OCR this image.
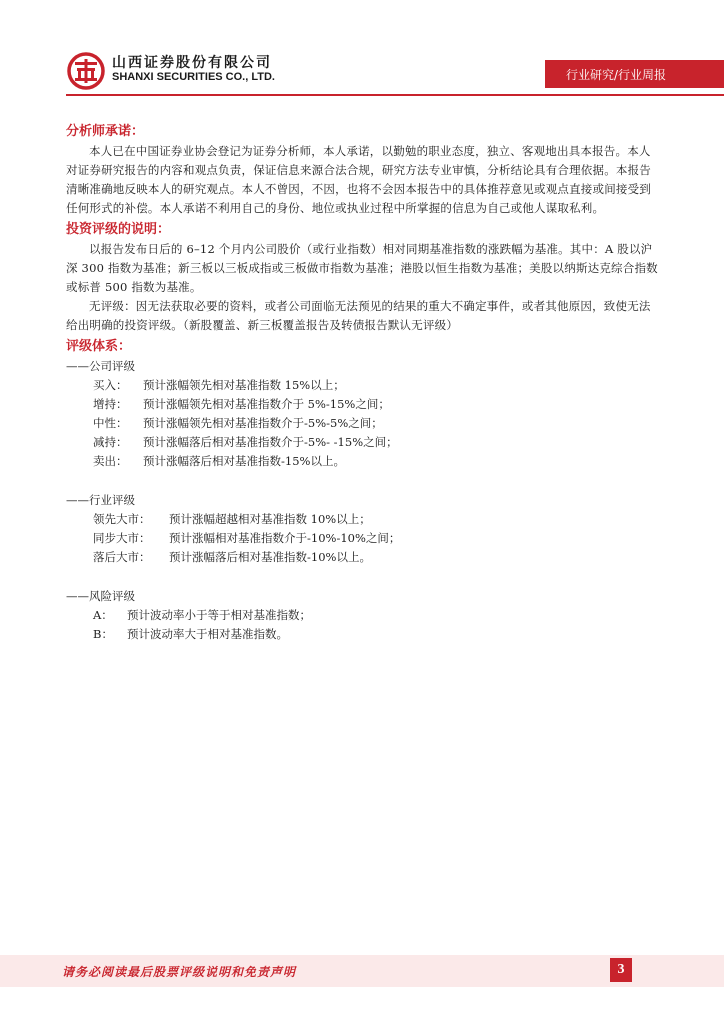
山西证券股份有限公司
SHANXI SECURITIES CO., LTD.	行业研究/行业周报
分析师承诺：

本人已在中国证券业协会登记为证券分析师，本人承诺，以勤勉的职业态度，独立、客观地出具本报告。本人对证券研究报告的内容和观点负责，保证信息来源合法合规，研究方法专业审慎，分析结论具有合理依据。本报告清晰准确地反映本人的研究观点。本人不曾因，不因，也将不会因本报告中的具体推荐意见或观点直接或间接受到任何形式的补偿。本人承诺不利用自己的身份、地位或执业过程中所掌握的信息为自己或他人谋取私利。

投资评级的说明：

以报告发布日后的 6–12 个月内公司股价（或行业指数）相对同期基准指数的涨跌幅为基准。其中：A 股以沪深 300 指数为基准；新三板以三板成指或三板做市指数为基准；港股以恒生指数为基准；美股以纳斯达克综合指数或标普 500 指数为基准。

无评级：因无法获取必要的资料，或者公司面临无法预见的结果的重大不确定事件，或者其他原因，致使无法给出明确的投资评级。（新股覆盖、新三板覆盖报告及转债报告默认无评级）

评级体系：

——公司评级

买入：	预计涨幅领先相对基准指数 15%以上；
增持：	预计涨幅领先相对基准指数介于 5%-15%之间；
中性：	预计涨幅领先相对基准指数介于-5%-5%之间；
减持：	预计涨幅落后相对基准指数介于-5%- -15%之间；
卖出：	预计涨幅落后相对基准指数-15%以上。

——行业评级

领先大市：	预计涨幅超越相对基准指数 10%以上；
同步大市：	预计涨幅相对基准指数介于-10%-10%之间；
落后大市：	预计涨幅落后相对基准指数-10%以上。

——风险评级

A：	预计波动率小于等于相对基准指数；
B：	预计波动率大于相对基准指数。
请务必阅读最后股票评级说明和免责声明	3
